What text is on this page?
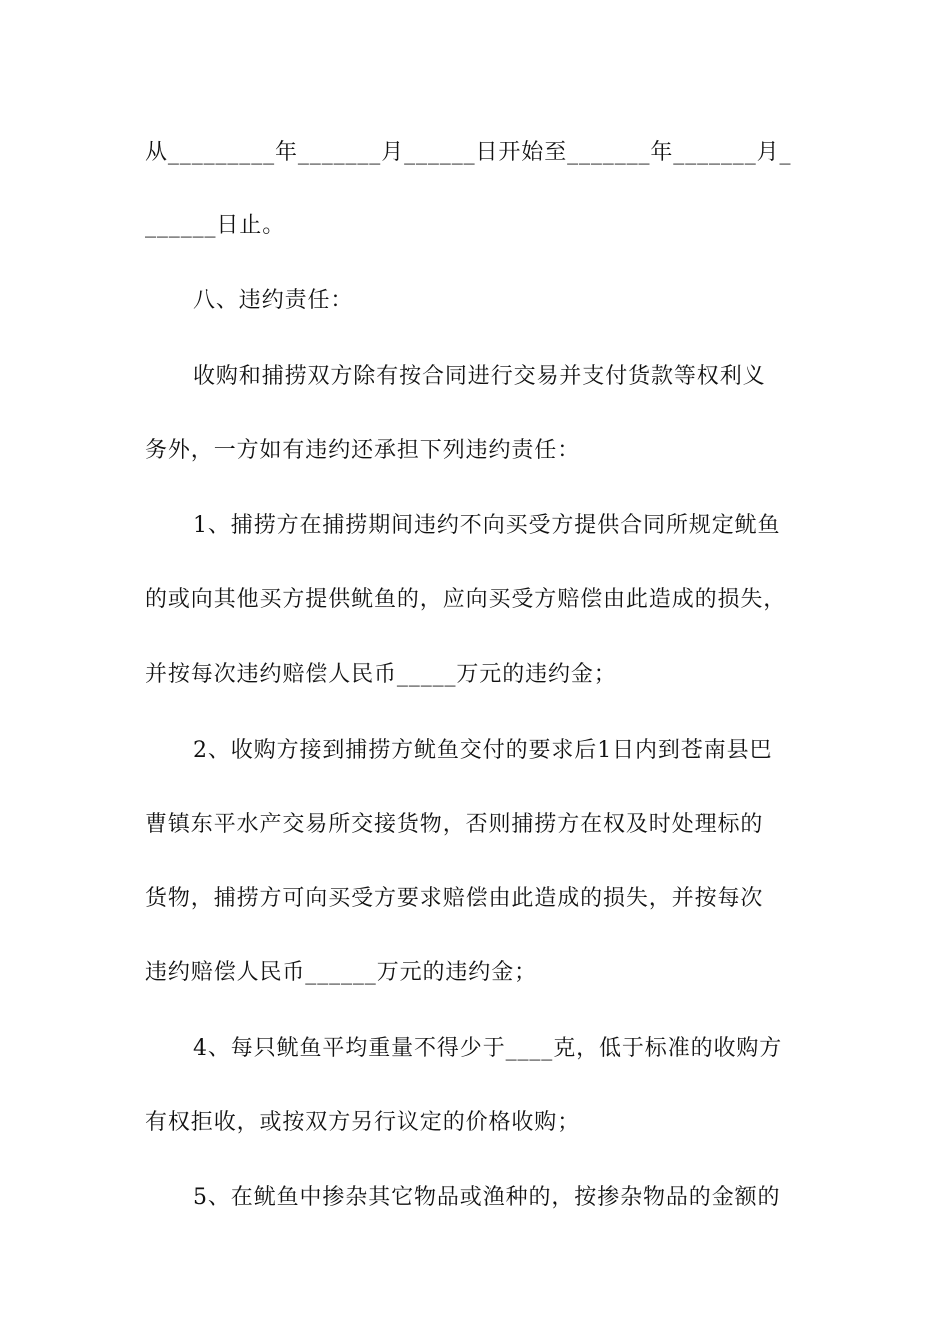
从_________年_______月______日开始至_______年_______月_
______日止。
八、违约责任：
收购和捕捞双方除有按合同进行交易并支付货款等权利义
务外，一方如有违约还承担下列违约责任：
1、捕捞方在捕捞期间违约不向买受方提供合同所规定鱿鱼
的或向其他买方提供鱿鱼的，应向买受方赔偿由此造成的损失，
并按每次违约赔偿人民币_____万元的违约金；
2、收购方接到捕捞方鱿鱼交付的要求后1日内到苍南县巴
曹镇东平水产交易所交接货物，否则捕捞方在权及时处理标的
货物，捕捞方可向买受方要求赔偿由此造成的损失，并按每次
违约赔偿人民币______万元的违约金；
4、每只鱿鱼平均重量不得少于____克，低于标准的收购方
有权拒收，或按双方另行议定的价格收购；
5、在鱿鱼中掺杂其它物品或渔种的，按掺杂物品的金额的
